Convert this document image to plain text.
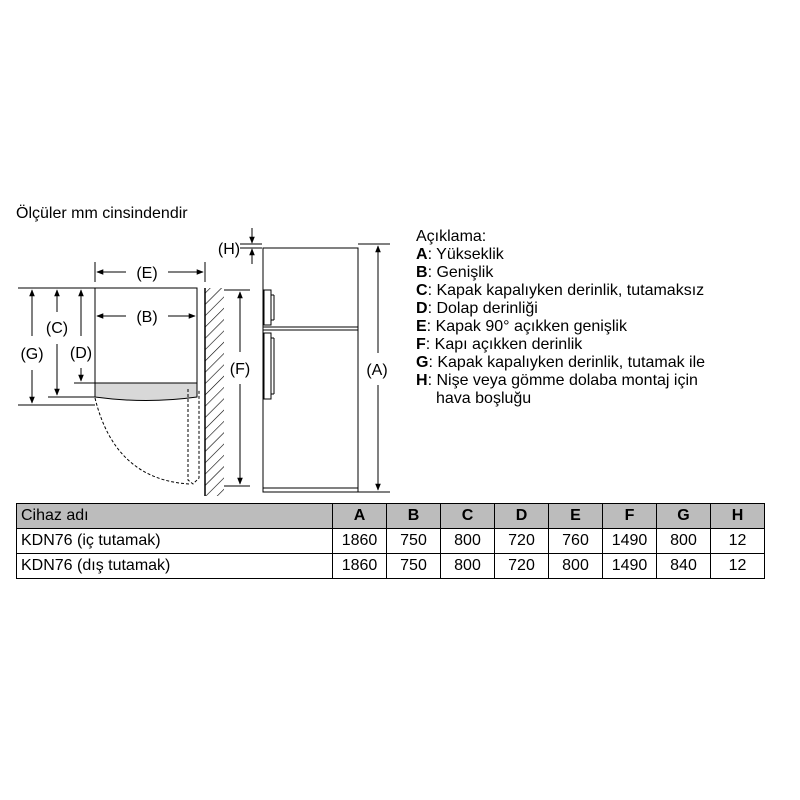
Ölçüler mm cinsindendir
(E)
(B)
(G)
(C)
(D)
(F)
(H)
(A)
Açıklama:
A: Yükseklik
B: Genişlik
C: Kapak kapalıyken derinlik, tutamaksız
D: Dolap derinliği
E: Kapak 90° açıkken genişlik
F: Kapı açıkken derinlik
G: Kapak kapalıyken derinlik, tutamak ile
H: Nişe veya gömme dolaba montaj için
hava boşluğu
Cihaz adı	A	B	C	D	E	F	G	H
KDN76 (iç tutamak)	1860	750	800	720	760	1490	800	12
KDN76 (dış tutamak)	1860	750	800	720	800	1490	840	12
